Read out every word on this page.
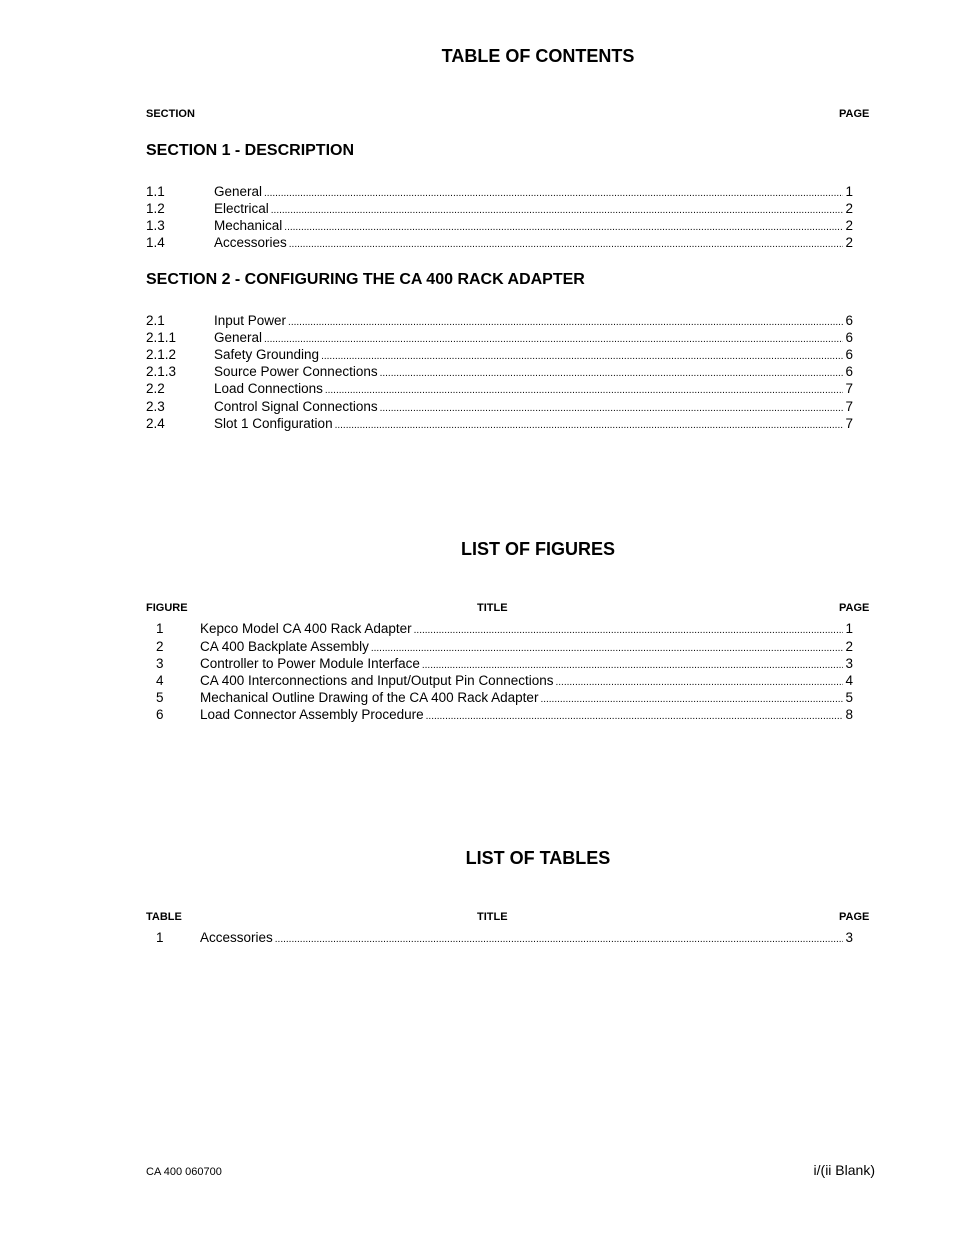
TABLE OF CONTENTS
SECTION	PAGE
SECTION 1 - DESCRIPTION
1.1	General .....	1
1.2	Electrical .....	2
1.3	Mechanical .....	2
1.4	Accessories .....	2
SECTION 2 - CONFIGURING THE CA 400 RACK ADAPTER
2.1	Input Power .....	6
2.1.1	General .....	6
2.1.2	Safety Grounding .....	6
2.1.3	Source Power Connections .....	6
2.2	Load Connections .....	7
2.3	Control Signal Connections .....	7
2.4	Slot 1 Configuration .....	7
LIST OF FIGURES
FIGURE	TITLE	PAGE
1	Kepco Model CA 400 Rack Adapter .....	1
2	CA 400 Backplate Assembly .....	2
3	Controller to Power Module Interface .....	3
4	CA 400 Interconnections and Input/Output Pin Connections .....	4
5	Mechanical Outline Drawing of the CA 400 Rack Adapter .....	5
6	Load Connector Assembly Procedure .....	8
LIST OF TABLES
TABLE	TITLE	PAGE
1	Accessories .....	3
CA 400 060700	i/(ii Blank)
